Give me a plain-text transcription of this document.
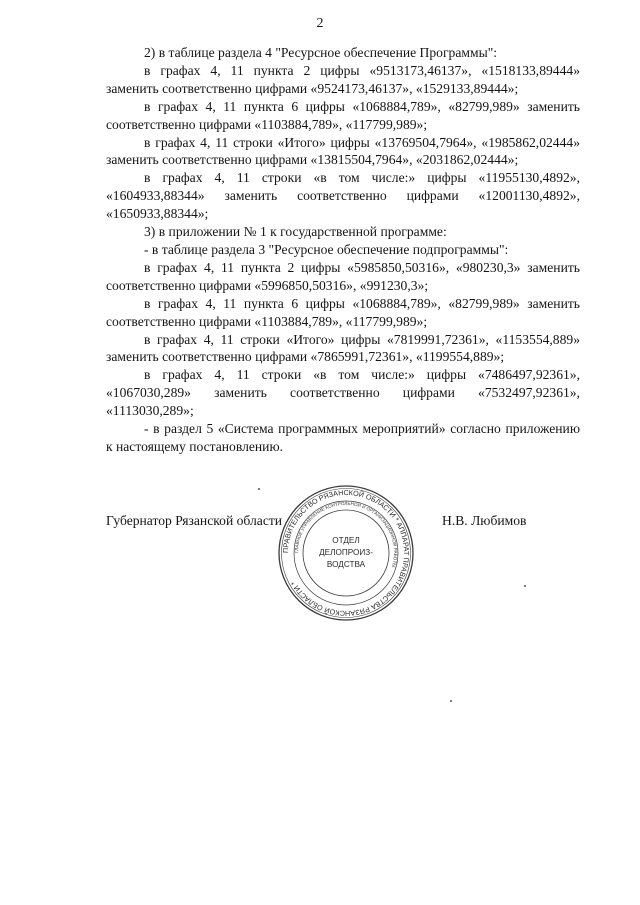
2

2) в таблице раздела 4 "Ресурсное обеспечение Программы":

в графах 4, 11 пункта 2 цифры «9513173,46137», «1518133,89444» заменить соответственно цифрами «9524173,46137», «1529133,89444»;

в графах 4, 11 пункта 6 цифры «1068884,789», «82799,989» заменить соответственно цифрами «1103884,789», «117799,989»;

в графах 4, 11 строки «Итого» цифры «13769504,7964», «1985862,02444» заменить соответственно цифрами «13815504,7964», «2031862,02444»;

в графах 4, 11 строки «в том числе:» цифры «11955130,4892», «1604933,88344» заменить соответственно цифрами «12001130,4892», «1650933,88344»;

3) в приложении № 1 к государственной программе:

- в таблице раздела 3 "Ресурсное обеспечение подпрограммы":

в графах 4, 11 пункта 2 цифры «5985850,50316», «980230,3» заменить соответственно цифрами «5996850,50316», «991230,3»;

в графах 4, 11 пункта 6 цифры «1068884,789», «82799,989» заменить соответственно цифрами «1103884,789», «117799,989»;

в графах 4, 11 строки «Итого» цифры «7819991,72361», «1153554,889» заменить соответственно цифрами «7865991,72361», «1199554,889»;

в графах 4, 11 строки «в том числе:» цифры «7486497,92361», «1067030,289» заменить соответственно цифрами «7532497,92361», «1113030,289»;

- в раздел 5 «Система программных мероприятий» согласно приложению к настоящему постановлению.

Губернатор Рязанской области	Н.В. Любимов
ПРАВИТЕЛЬСТВО РЯЗАНСКОЙ ОБЛАСТИ * АППАРАТ ПРАВИТЕЛЬСТВА РЯЗАНСКОЙ ОБЛАСТИ *
ГЛАВНОЕ УПРАВЛЕНИЕ КОНТРОЛЬНОЙ И ОРГАНИЗАЦИОННОЙ РАБОТЫ
ОТДЕЛ
ДЕЛОПРОИЗ-
ВОДСТВА
